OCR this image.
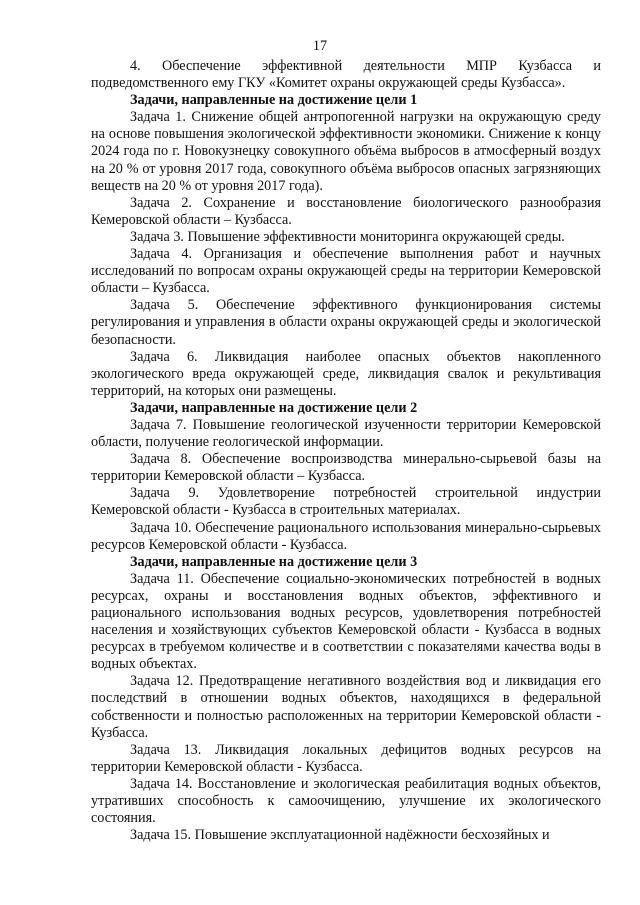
17

4. Обеспечение эффективной деятельности МПР Кузбасса и подведомственного ему ГКУ «Комитет охраны окружающей среды Кузбасса».

Задачи, направленные на достижение цели 1

Задача 1. Снижение общей антропогенной нагрузки на окружающую среду на основе повышения экологической эффективности экономики. Снижение к концу 2024 года по г. Новокузнецку совокупного объёма выбросов в атмосферный воздух на 20 % от уровня 2017 года, совокупного объёма выбросов опасных загрязняющих веществ на 20 % от уровня 2017 года).

Задача 2. Сохранение и восстановление биологического разнообразия Кемеровской области – Кузбасса.

Задача 3. Повышение эффективности мониторинга окружающей среды.

Задача 4. Организация и обеспечение выполнения работ и научных исследований по вопросам охраны окружающей среды на территории Кемеровской области – Кузбасса.

Задача 5. Обеспечение эффективного функционирования системы регулирования и управления в области охраны окружающей среды и экологической безопасности.

Задача 6. Ликвидация наиболее опасных объектов накопленного экологического вреда окружающей среде, ликвидация свалок и рекультивация территорий, на которых они размещены.

Задачи, направленные на достижение цели 2

Задача 7. Повышение геологической изученности территории Кемеровской области, получение геологической информации.

Задача 8. Обеспечение воспроизводства минерально-сырьевой базы на территории Кемеровской области – Кузбасса.

Задача 9. Удовлетворение потребностей строительной индустрии Кемеровской области - Кузбасса в строительных материалах.

Задача 10. Обеспечение рационального использования минерально-сырьевых ресурсов Кемеровской области - Кузбасса.

Задачи, направленные на достижение цели 3

Задача 11. Обеспечение социально-экономических потребностей в водных ресурсах, охраны и восстановления водных объектов, эффективного и рационального использования водных ресурсов, удовлетворения потребностей населения и хозяйствующих субъектов Кемеровской области - Кузбасса в водных ресурсах в требуемом количестве и в соответствии с показателями качества воды в водных объектах.

Задача 12. Предотвращение негативного воздействия вод и ликвидация его последствий в отношении водных объектов, находящихся в федеральной собственности и полностью расположенных на территории Кемеровской области - Кузбасса.

Задача 13. Ликвидация локальных дефицитов водных ресурсов на территории Кемеровской области - Кузбасса.

Задача 14. Восстановление и экологическая реабилитация водных объектов, утративших способность к самоочищению, улучшение их экологического состояния.

Задача 15. Повышение эксплуатационной надёжности бесхозяйных и
